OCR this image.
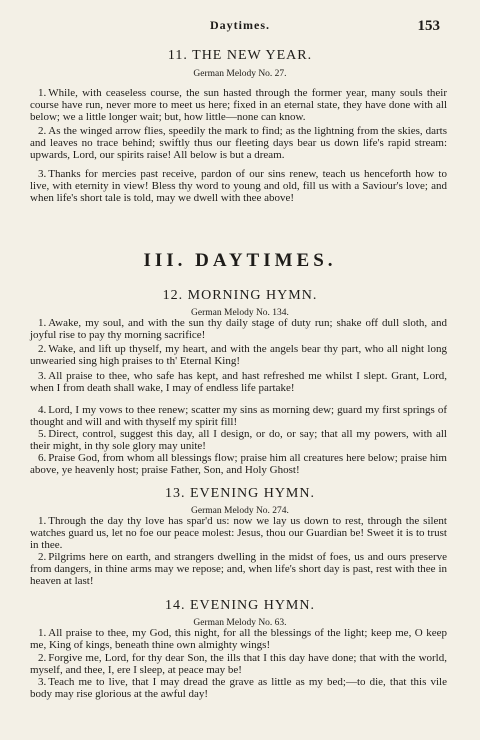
Daytimes.	153
11. THE NEW YEAR.
German Melody No. 27.

1. While, with ceaseless course, the sun hasted through the former year, many souls their course have run, never more to meet us here; fixed in an eternal state, they have done with all below; we a little longer wait; but, how little—none can know.

2. As the winged arrow flies, speedily the mark to find; as the lightning from the skies, darts and leaves no trace behind; swiftly thus our fleeting days bear us down life's rapid stream: upwards, Lord, our spirits raise! All below is but a dream.

3. Thanks for mercies past receive, pardon of our sins renew, teach us henceforth how to live, with eternity in view! Bless thy word to young and old, fill us with a Saviour's love; and when life's short tale is told, may we dwell with thee above!

III. DAYTIMES.
12. MORNING HYMN.
German Melody No. 134.

1. Awake, my soul, and with the sun thy daily stage of duty run; shake off dull sloth, and joyful rise to pay thy morning sacrifice!

2. Wake, and lift up thyself, my heart, and with the angels bear thy part, who all night long unwearied sing high praises to th' Eternal King!

3. All praise to thee, who safe has kept, and hast refreshed me whilst I slept. Grant, Lord, when I from death shall wake, I may of endless life partake!

4. Lord, I my vows to thee renew; scatter my sins as morning dew; guard my first springs of thought and will and with thyself my spirit fill!

5. Direct, control, suggest this day, all I design, or do, or say; that all my powers, with all their might, in thy sole glory may unite!

6. Praise God, from whom all blessings flow; praise him all creatures here below; praise him above, ye heavenly host; praise Father, Son, and Holy Ghost!

13. EVENING HYMN.
German Melody No. 274.

1. Through the day thy love has spar'd us: now we lay us down to rest, through the silent watches guard us, let no foe our peace molest: Jesus, thou our Guardian be! Sweet it is to trust in thee.

2. Pilgrims here on earth, and strangers dwelling in the midst of foes, us and ours preserve from dangers, in thine arms may we repose; and, when life's short day is past, rest with thee in heaven at last!

14. EVENING HYMN.
German Melody No. 63.

1. All praise to thee, my God, this night, for all the blessings of the light; keep me, O keep me, King of kings, beneath thine own almighty wings!

2. Forgive me, Lord, for thy dear Son, the ills that I this day have done; that with the world, myself, and thee, I, ere I sleep, at peace may be!

3. Teach me to live, that I may dread the grave as little as my bed;—to die, that this vile body may rise glorious at the awful day!
